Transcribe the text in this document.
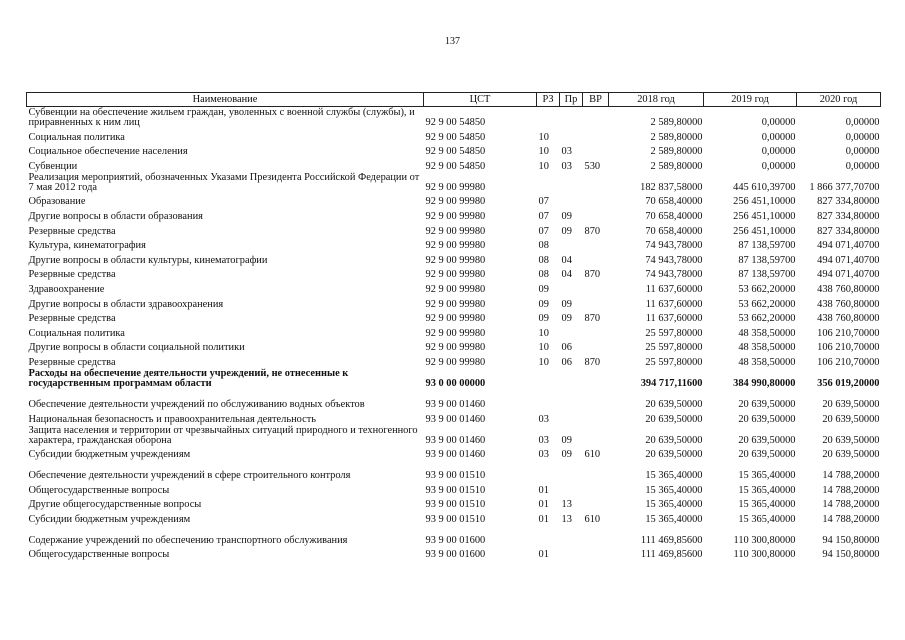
137
Наименование	ЦСТ	РЗ	Пр	ВР	2018 год	2019 год	2020 год
Субвенции на обеспечение жильем граждан, уволенных с военной службы (службы), и приравненных к ним лиц	92 9 00 54850				2 589,80000	0,00000	0,00000
Социальная политика	92 9 00 54850	10			2 589,80000	0,00000	0,00000
Социальное обеспечение населения	92 9 00 54850	10	03		2 589,80000	0,00000	0,00000
Субвенции	92 9 00 54850	10	03	530	2 589,80000	0,00000	0,00000
Реализация мероприятий, обозначенных Указами Президента Российской Федерации от 7 мая 2012 года	92 9 00 99980				182 837,58000	445 610,39700	1 866 377,70700
Образование	92 9 00 99980	07			70 658,40000	256 451,10000	827 334,80000
Другие вопросы в области образования	92 9 00 99980	07	09		70 658,40000	256 451,10000	827 334,80000
Резервные средства	92 9 00 99980	07	09	870	70 658,40000	256 451,10000	827 334,80000
Культура, кинематография	92 9 00 99980	08			74 943,78000	87 138,59700	494 071,40700
Другие вопросы в области культуры, кинематографии	92 9 00 99980	08	04		74 943,78000	87 138,59700	494 071,40700
Резервные средства	92 9 00 99980	08	04	870	74 943,78000	87 138,59700	494 071,40700
Здравоохранение	92 9 00 99980	09			11 637,60000	53 662,20000	438 760,80000
Другие вопросы в области здравоохранения	92 9 00 99980	09	09		11 637,60000	53 662,20000	438 760,80000
Резервные средства	92 9 00 99980	09	09	870	11 637,60000	53 662,20000	438 760,80000
Социальная политика	92 9 00 99980	10			25 597,80000	48 358,50000	106 210,70000
Другие вопросы в области социальной политики	92 9 00 99980	10	06		25 597,80000	48 358,50000	106 210,70000
Резервные средства	92 9 00 99980	10	06	870	25 597,80000	48 358,50000	106 210,70000
Расходы на обеспечение деятельности учреждений, не отнесенные к государственным программам области	93 0 00 00000				394 717,11600	384 990,80000	356 019,20000
Обеспечение деятельности учреждений по обслуживанию водных объектов	93 9 00 01460				20 639,50000	20 639,50000	20 639,50000
Национальная безопасность и правоохранительная деятельность	93 9 00 01460	03			20 639,50000	20 639,50000	20 639,50000
Защита населения и территории от чрезвычайных ситуаций природного и техногенного характера, гражданская оборона	93 9 00 01460	03	09		20 639,50000	20 639,50000	20 639,50000
Субсидии бюджетным учреждениям	93 9 00 01460	03	09	610	20 639,50000	20 639,50000	20 639,50000
Обеспечение деятельности учреждений в сфере строительного контроля	93 9 00 01510				15 365,40000	15 365,40000	14 788,20000
Общегосударственные вопросы	93 9 00 01510	01			15 365,40000	15 365,40000	14 788,20000
Другие общегосударственные вопросы	93 9 00 01510	01	13		15 365,40000	15 365,40000	14 788,20000
Субсидии бюджетным учреждениям	93 9 00 01510	01	13	610	15 365,40000	15 365,40000	14 788,20000
Содержание учреждений по обеспечению транспортного обслуживания	93 9 00 01600				111 469,85600	110 300,80000	94 150,80000
Общегосударственные вопросы	93 9 00 01600	01			111 469,85600	110 300,80000	94 150,80000
